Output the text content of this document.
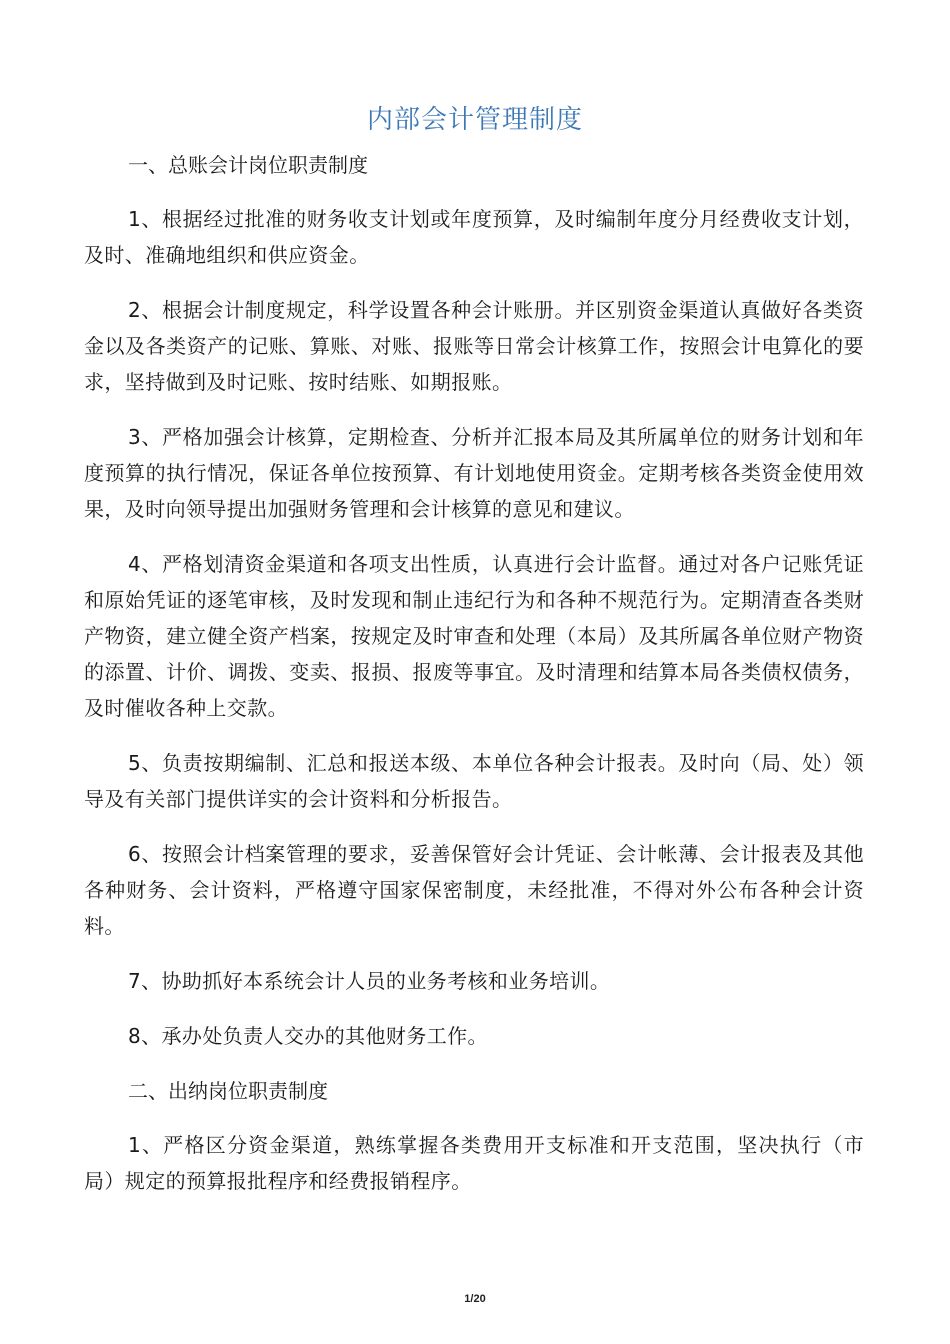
内部会计管理制度

一、总账会计岗位职责制度

1、根据经过批准的财务收支计划或年度预算，及时编制年度分月经费收支计划，及时、准确地组织和供应资金。

2、根据会计制度规定，科学设置各种会计账册。并区别资金渠道认真做好各类资金以及各类资产的记账、算账、对账、报账等日常会计核算工作，按照会计电算化的要求，坚持做到及时记账、按时结账、如期报账。

3、严格加强会计核算，定期检查、分析并汇报本局及其所属单位的财务计划和年度预算的执行情况，保证各单位按预算、有计划地使用资金。定期考核各类资金使用效果，及时向领导提出加强财务管理和会计核算的意见和建议。

4、严格划清资金渠道和各项支出性质，认真进行会计监督。通过对各户记账凭证和原始凭证的逐笔审核，及时发现和制止违纪行为和各种不规范行为。定期清查各类财产物资，建立健全资产档案，按规定及时审查和处理（本局）及其所属各单位财产物资的添置、计价、调拨、变卖、报损、报废等事宜。及时清理和结算本局各类债权债务，及时催收各种上交款。

5、负责按期编制、汇总和报送本级、本单位各种会计报表。及时向（局、处）领导及有关部门提供详实的会计资料和分析报告。

6、按照会计档案管理的要求，妥善保管好会计凭证、会计帐薄、会计报表及其他各种财务、会计资料，严格遵守国家保密制度，未经批准，不得对外公布各种会计资料。

7、协助抓好本系统会计人员的业务考核和业务培训。

8、承办处负责人交办的其他财务工作。

二、出纳岗位职责制度

1、严格区分资金渠道，熟练掌握各类费用开支标准和开支范围，坚决执行（市局）规定的预算报批程序和经费报销程序。

1/20
